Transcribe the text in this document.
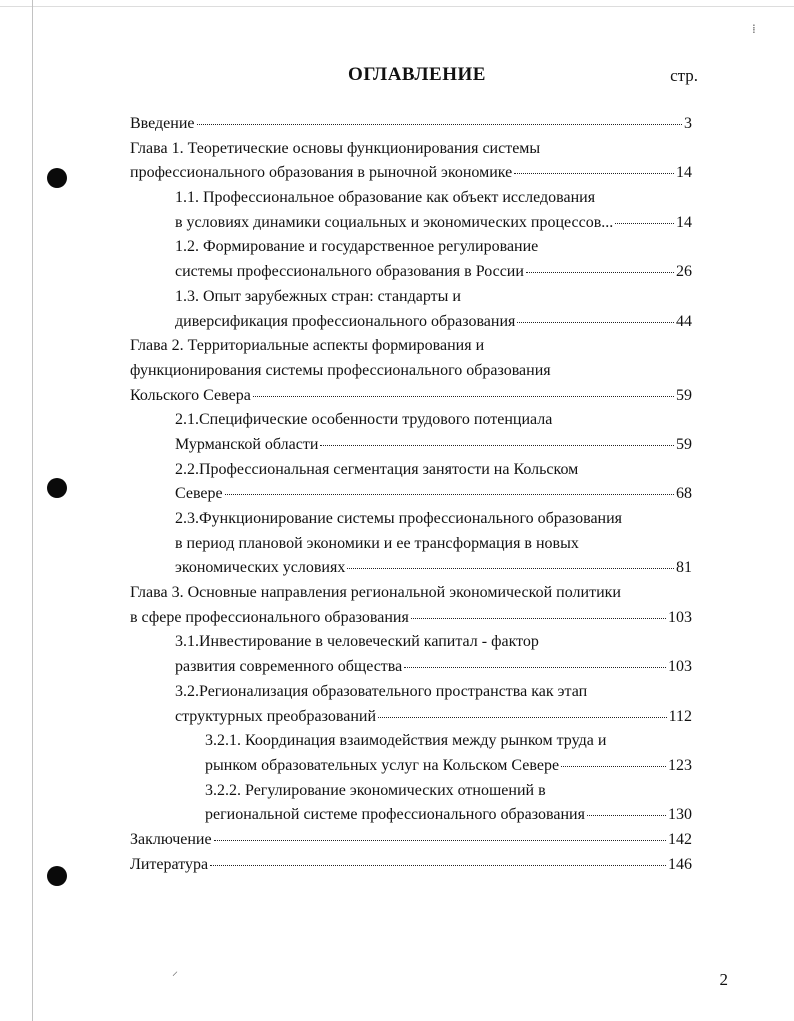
⁞
⸝
ОГЛАВЛЕНИЕ	стр.
Введение	3
Глава 1. Теоретические основы функционирования системы
профессионального образования в рыночной экономике	14
1.1. Профессиональное образование как объект исследования
в условиях динамики социальных и экономических процессов...	14
1.2. Формирование и государственное регулирование
системы профессионального образования в России	26
1.3. Опыт зарубежных стран: стандарты и
диверсификация профессионального образования	44
Глава 2. Территориальные аспекты формирования и
функционирования системы профессионального образования
Кольского Севера	59
2.1.Специфические особенности трудового потенциала
Мурманской области	59
2.2.Профессиональная сегментация занятости на Кольском
Севере	68
2.3.Функционирование системы профессионального образования
в период плановой экономики и ее трансформация в новых
экономических условиях	81
Глава 3. Основные направления региональной экономической политики
в сфере профессионального образования	103
3.1.Инвестирование в человеческий капитал - фактор
развития современного общества	103
3.2.Регионализация образовательного пространства как этап
структурных преобразований	112
3.2.1. Координация взаимодействия между рынком труда и
рынком образовательных услуг на Кольском Севере	123
3.2.2. Регулирование экономических отношений в
региональной системе профессионального образования	130
Заключение	142
Литература	146
2
